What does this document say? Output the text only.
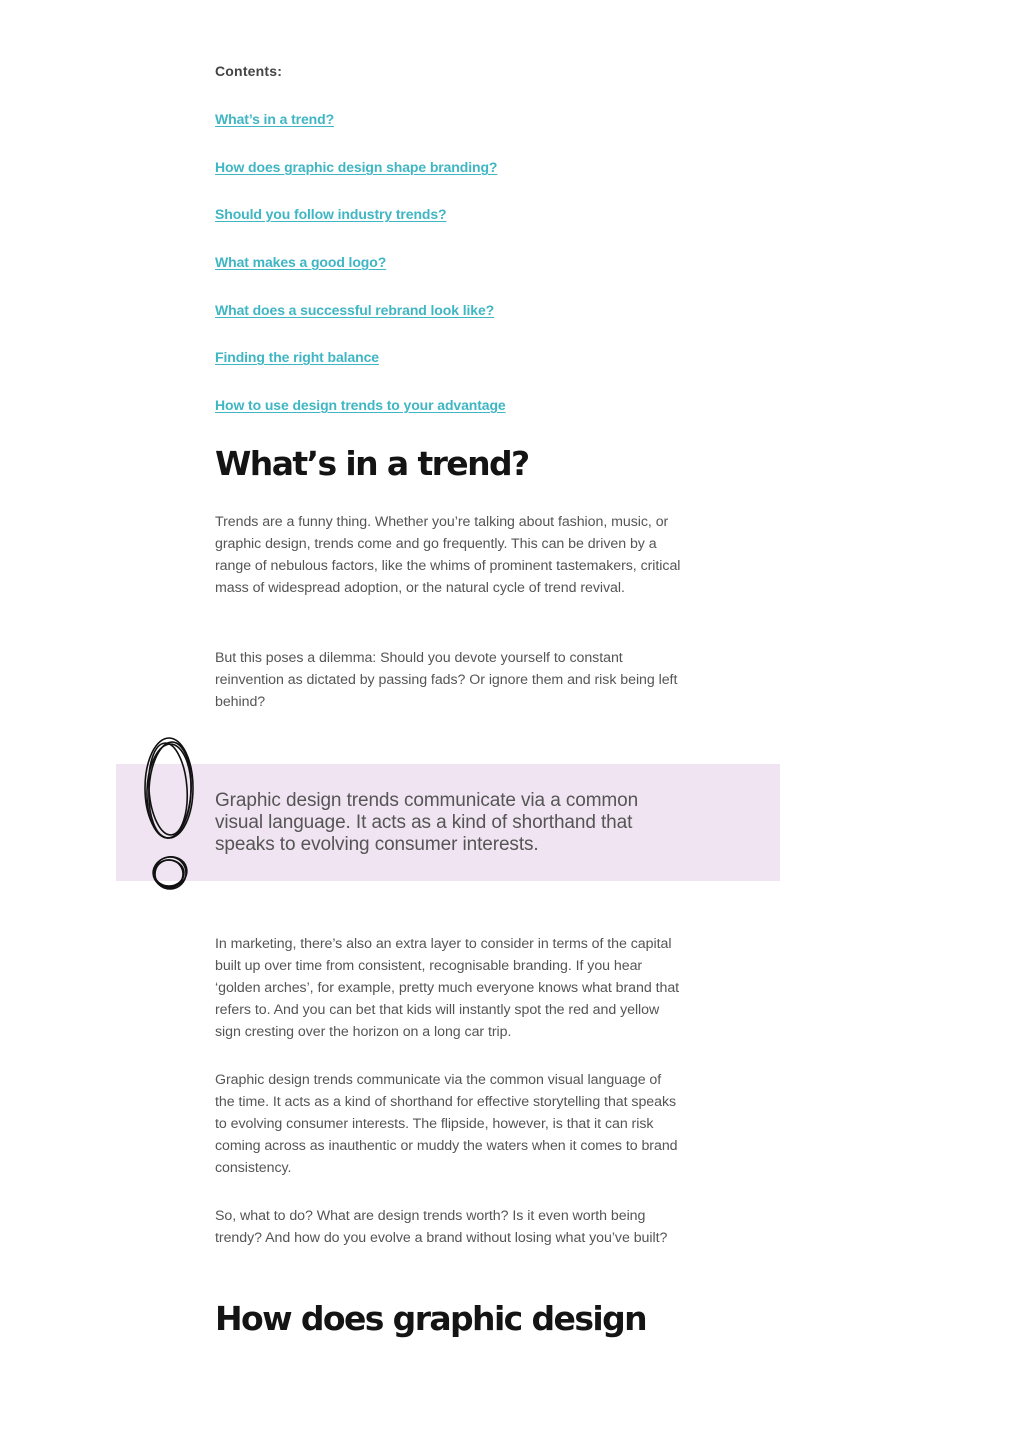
Contents:
What’s in a trend?
How does graphic design shape branding?
Should you follow industry trends?
What makes a good logo?
What does a successful rebrand look like?
Finding the right balance
How to use design trends to your advantage
What’s in a trend?

Trends are a funny thing. Whether you’re talking about fashion, music, or graphic design, trends come and go frequently. This can be driven by a range of nebulous factors, like the whims of prominent tastemakers, critical mass of widespread adoption, or the natural cycle of trend revival.

But this poses a dilemma: Should you devote yourself to constant reinvention as dictated by passing fads? Or ignore them and risk being left behind?

Graphic design trends communicate via a common visual language. It acts as a kind of shorthand that speaks to evolving consumer interests.

In marketing, there’s also an extra layer to consider in terms of the capital built up over time from consistent, recognisable branding. If you hear ‘golden arches’, for example, pretty much everyone knows what brand that refers to. And you can bet that kids will instantly spot the red and yellow sign cresting over the horizon on a long car trip.

Graphic design trends communicate via the common visual language of the time. It acts as a kind of shorthand for effective storytelling that speaks to evolving consumer interests. The flipside, however, is that it can risk coming across as inauthentic or muddy the waters when it comes to brand consistency.

So, what to do? What are design trends worth? Is it even worth being trendy? And how do you evolve a brand without losing what you’ve built?

How does graphic design
